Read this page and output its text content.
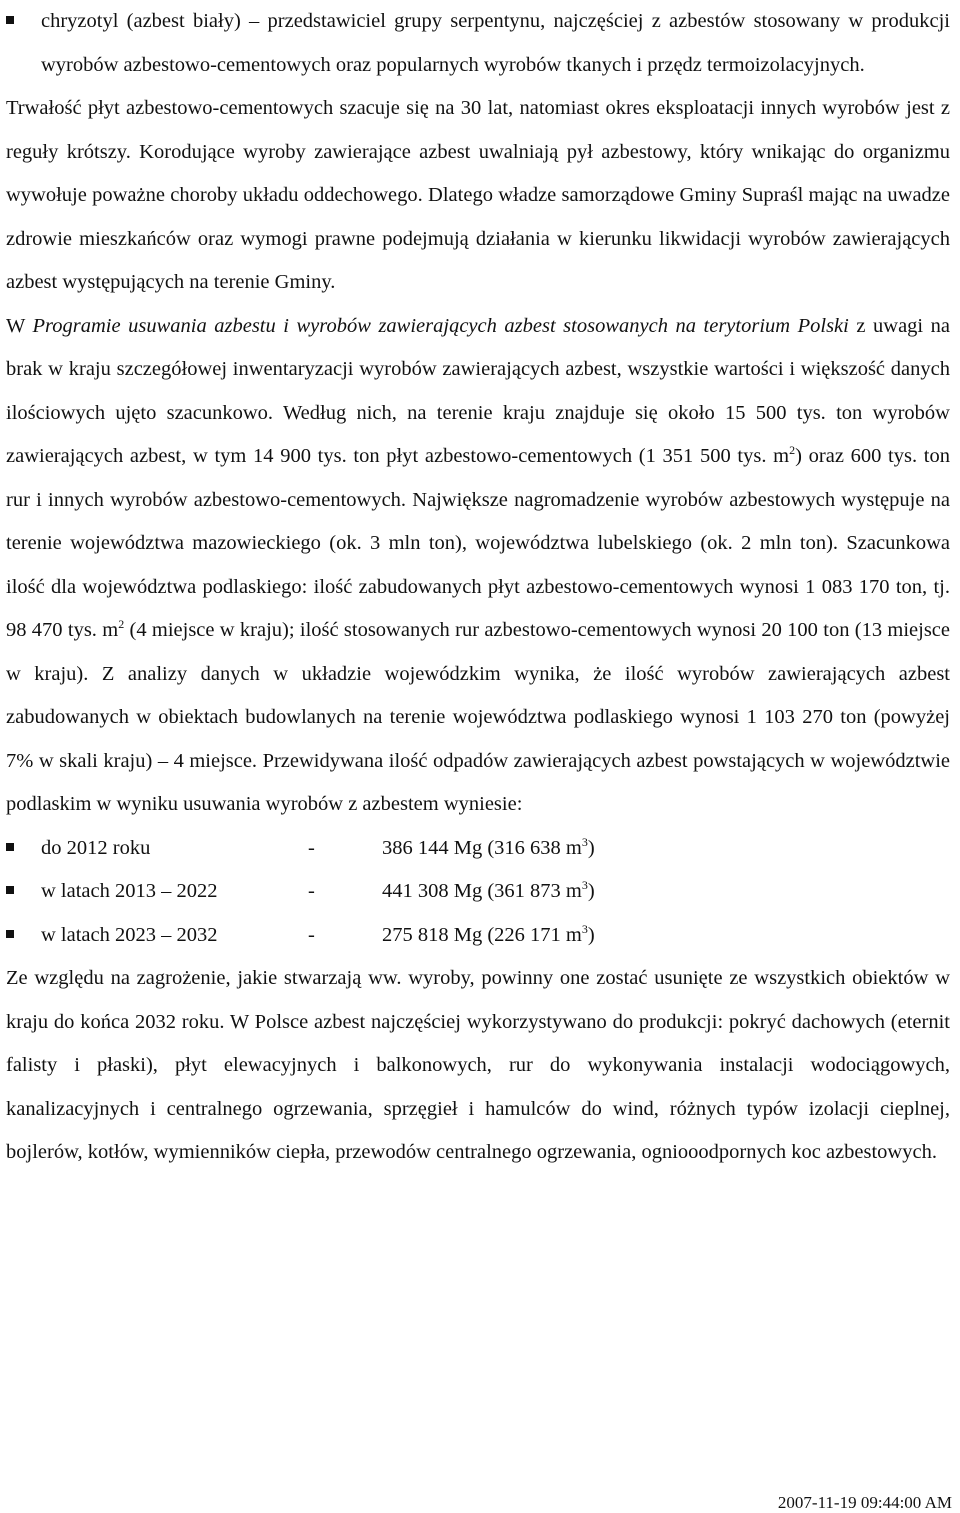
chryzotyl (azbest biały) – przedstawiciel grupy serpentynu, najczęściej z azbestów stosowany w produkcji wyrobów azbestowo-cementowych oraz popularnych wyrobów tkanych i przędz termoizolacyjnych.

Trwałość płyt azbestowo-cementowych szacuje się na 30 lat, natomiast okres eksploatacji innych wyrobów jest z reguły krótszy. Korodujące wyroby zawierające azbest uwalniają pył azbestowy, który wnikając do organizmu wywołuje poważne choroby układu oddechowego. Dlatego władze samorządowe Gminy Supraśl mając na uwadze zdrowie mieszkańców oraz wymogi prawne podejmują działania w kierunku likwidacji wyrobów zawierających azbest występujących na terenie Gminy.

W Programie usuwania azbestu i wyrobów zawierających azbest stosowanych na terytorium Polski z uwagi na brak w kraju szczegółowej inwentaryzacji wyrobów zawierających azbest, wszystkie wartości i większość danych ilościowych ujęto szacunkowo. Według nich, na terenie kraju znajduje się około 15 500 tys. ton wyrobów zawierających azbest, w tym 14 900 tys. ton płyt azbestowo-cementowych (1 351 500 tys. $m^2$) oraz 600 tys. ton rur i innych wyrobów azbestowo-cementowych. Największe nagromadzenie wyrobów azbestowych występuje na terenie województwa mazowieckiego (ok. 3 mln ton), województwa lubelskiego (ok. 2 mln ton). Szacunkowa ilość dla województwa podlaskiego: ilość zabudowanych płyt azbestowo-cementowych wynosi 1 083 170 ton, tj. 98 470 tys. $m^2$ (4 miejsce w kraju); ilość stosowanych rur azbestowo-cementowych wynosi 20 100 ton (13 miejsce w kraju). Z analizy danych w układzie wojewódzkim wynika, że ilość wyrobów zawierających azbest zabudowanych w obiektach budowlanych na terenie województwa podlaskiego wynosi 1 103 270 ton (powyżej 7% w skali kraju) – 4 miejsce. Przewidywana ilość odpadów zawierających azbest powstających w województwie podlaskim w wyniku usuwania wyrobów z azbestem wyniesie:

do 2012 roku	-	386 144 Mg (316 638 $m^3$)
w latach 2013 – 2022	-	441 308 Mg (361 873 $m^3$)
w latach 2023 – 2032	-	275 818 Mg (226 171 $m^3$)

Ze względu na zagrożenie, jakie stwarzają ww. wyroby, powinny one zostać usunięte ze wszystkich obiektów w kraju do końca 2032 roku. W Polsce azbest najczęściej wykorzystywano do produkcji: pokryć dachowych (eternit falisty i płaski), płyt elewacyjnych i balkonowych, rur do wykonywania instalacji wodociągowych, kanalizacyjnych i centralnego ogrzewania, sprzęgieł i hamulców do wind, różnych typów izolacji cieplnej, bojlerów, kotłów, wymienników ciepła, przewodów centralnego ogrzewania, ogniooodpornych koc azbestowych.

2007-11-19 09:44:00 AM
